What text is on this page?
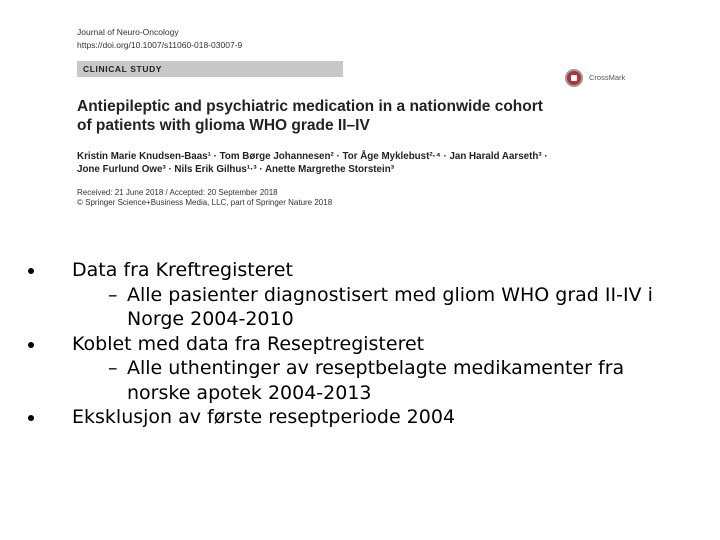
Journal of Neuro-Oncology
https://doi.org/10.1007/s11060-018-03007-9
CLINICAL STUDY
CrossMark
Antiepileptic and psychiatric medication in a nationwide cohort
of patients with glioma WHO grade II–IV
Kristin Marie Knudsen-Baas¹ · Tom Børge Johannesen² · Tor Åge Myklebust²·⁴ · Jan Harald Aarseth³ ·
Jone Furlund Owe³ · Nils Erik Gilhus¹·³ · Anette Margrethe Storstein³
Received: 21 June 2018 / Accepted: 20 September 2018
© Springer Science+Business Media, LLC, part of Springer Nature 2018
Data fra Kreftregisteret
– Alle pasienter diagnostisert med gliom WHO grad II-IV i
Norge 2004-2010
Koblet med data fra Reseptregisteret
– Alle uthentinger av reseptbelagte medikamenter fra
norske apotek 2004-2013
Eksklusjon av første reseptperiode 2004
